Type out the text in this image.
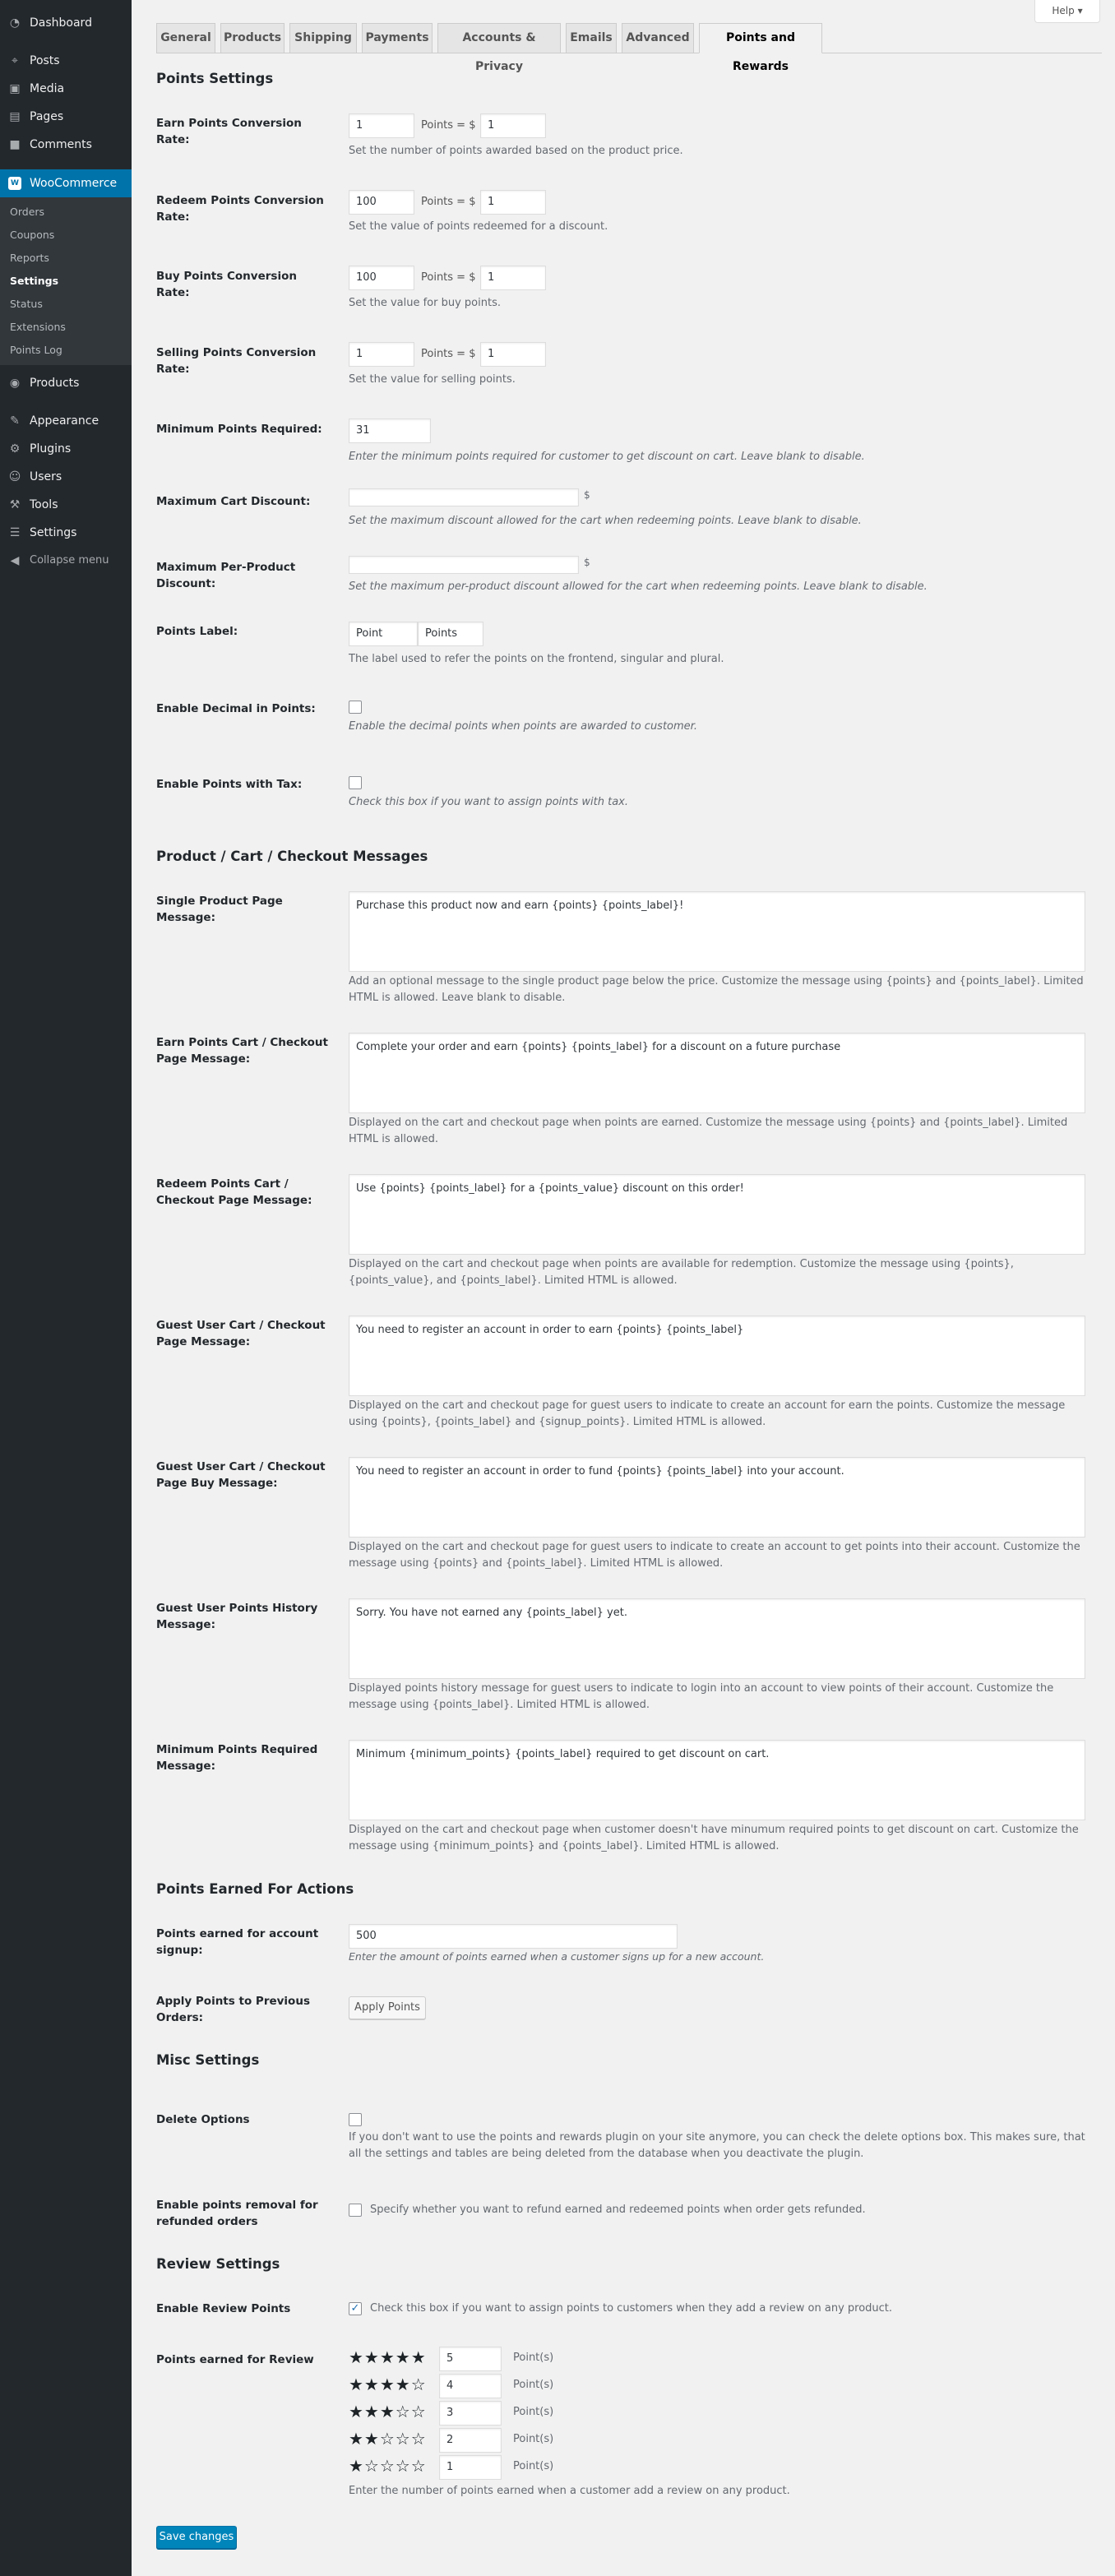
◔ Dashboard
⌖ Posts
▣ Media
▤ Pages
■ Comments
W WooCommerce
Orders
Coupons
Reports
Settings
Status
Extensions
Points Log
◉ Products
✎ Appearance
⚙ Plugins
☺ Users
⚒ Tools
☰ Settings
◀ Collapse menu
Help ▾
General	Products	Shipping	Payments	Accounts & Privacy
Emails	Advanced	Points and Rewards
Points Settings
Earn Points Conversion Rate:
1	Points = $	1
Set the number of points awarded based on the product price.
Redeem Points Conversion Rate:
100	Points = $	1
Set the value of points redeemed for a discount.
Buy Points Conversion Rate:
100	Points = $	1
Set the value for buy points.
Selling Points Conversion Rate:
1	Points = $	1
Set the value for selling points.
Minimum Points Required:	31
Enter the minimum points required for customer to get discount on cart. Leave blank to disable.
Maximum Cart Discount:	$
Set the maximum discount allowed for the cart when redeeming points. Leave blank to disable.
Maximum Per-Product Discount:
$
Set the maximum per-product discount allowed for the cart when redeeming points. Leave blank to disable.
Points Label:	Point	Points
The label used to refer the points on the frontend, singular and plural.
Enable Decimal in Points:
Enable the decimal points when points are awarded to customer.
Enable Points with Tax:
Check this box if you want to assign points with tax.
Product / Cart / Checkout Messages
Single Product Page Message:
Purchase this product now and earn {points} {points_label}!
Add an optional message to the single product page below the price. Customize the message using {points} and {points_label}. Limited HTML is allowed. Leave blank to disable.
Earn Points Cart / Checkout Page Message:
Complete your order and earn {points} {points_label} for a discount on a future purchase
Displayed on the cart and checkout page when points are earned. Customize the message using {points} and {points_label}. Limited HTML is allowed.
Redeem Points Cart / Checkout Page Message:
Use {points} {points_label} for a {points_value} discount on this order!
Displayed on the cart and checkout page when points are available for redemption. Customize the message using {points}, {points_value}, and {points_label}. Limited HTML is allowed.
Guest User Cart / Checkout Page Message:
You need to register an account in order to earn {points} {points_label}
Displayed on the cart and checkout page for guest users to indicate to create an account for earn the points. Customize the message using {points}, {points_label} and {signup_points}. Limited HTML is allowed.
Guest User Cart / Checkout Page Buy Message:
You need to register an account in order to fund {points} {points_label} into your account.
Displayed on the cart and checkout page for guest users to indicate to create an account to get points into their account. Customize the message using {points} and {points_label}. Limited HTML is allowed.
Guest User Points History Message:
Sorry. You have not earned any {points_label} yet.
Displayed points history message for guest users to indicate to login into an account to view points of their account. Customize the message using {points_label}. Limited HTML is allowed.
Minimum Points Required Message:
Minimum {minimum_points} {points_label} required to get discount on cart.
Displayed on the cart and checkout page when customer doesn't have minumum required points to get discount on cart. Customize the message using {minimum_points} and {points_label}. Limited HTML is allowed.
Points Earned For Actions
Points earned for account signup:
500
Enter the amount of points earned when a customer signs up for a new account.
Apply Points to Previous Orders:
Apply Points
Misc Settings
Delete Options
If you don't want to use the points and rewards plugin on your site anymore, you can check the delete options box. This makes sure, that all the settings and tables are being deleted from the database when you deactivate the plugin.
Enable points removal for refunded orders
Specify whether you want to refund earned and redeemed points when order gets refunded.
Review Settings
Enable Review Points	✓ Check this box if you want to assign points to customers when they add a review on any product.
Points earned for Review	★★★★★	5	Point(s)
★★★★☆	4	Point(s)
★★★☆☆	3	Point(s)
★★☆☆☆	2	Point(s)
★☆☆☆☆	1	Point(s)
Enter the number of points earned when a customer add a review on any product.
Save changes
